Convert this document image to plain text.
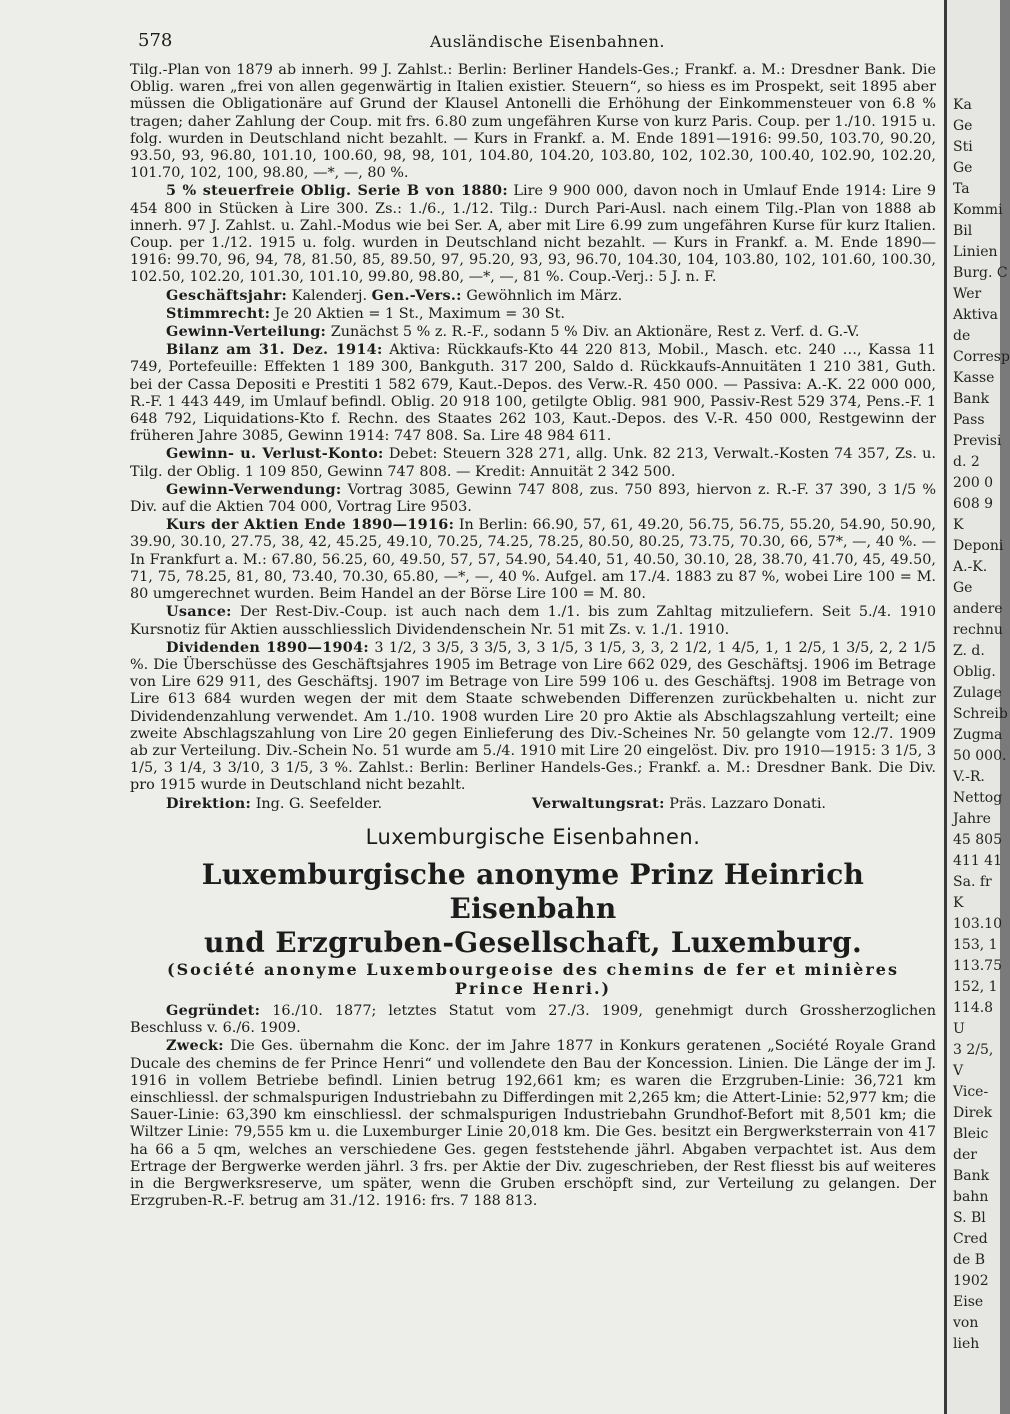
578	Ausländische Eisenbahnen.

Tilg.-Plan von 1879 ab innerh. 99 J. Zahlst.: Berlin: Berliner Handels-Ges.; Frankf. a. M.: Dresdner Bank. Die Oblig. waren „frei von allen gegenwärtig in Italien existier. Steuern“, so hiess es im Prospekt, seit 1895 aber müssen die Obligationäre auf Grund der Klausel Antonelli die Erhöhung der Einkommensteuer von 6.8 % tragen; daher Zahlung der Coup. mit frs. 6.80 zum ungefähren Kurse von kurz Paris. Coup. per 1./10. 1915 u. folg. wurden in Deutschland nicht bezahlt. — Kurs in Frankf. a. M. Ende 1891—1916: 99.50, 103.70, 90.20, 93.50, 93, 96.80, 101.10, 100.60, 98, 98, 101, 104.80, 104.20, 103.80, 102, 102.30, 100.40, 102.90, 102.20, 101.70, 102, 100, 98.80, —*, —, 80 %.

5 % steuerfreie Oblig. Serie B von 1880: Lire 9 900 000, davon noch in Umlauf Ende 1914: Lire 9 454 800 in Stücken à Lire 300. Zs.: 1./6., 1./12. Tilg.: Durch Pari-Ausl. nach einem Tilg.-Plan von 1888 ab innerh. 97 J. Zahlst. u. Zahl.-Modus wie bei Ser. A, aber mit Lire 6.99 zum ungefähren Kurse für kurz Italien. Coup. per 1./12. 1915 u. folg. wurden in Deutschland nicht bezahlt. — Kurs in Frankf. a. M. Ende 1890—1916: 99.70, 96, 94, 78, 81.50, 85, 89.50, 97, 95.20, 93, 93, 96.70, 104.30, 104, 103.80, 102, 101.60, 100.30, 102.50, 102.20, 101.30, 101.10, 99.80, 98.80, —*, —, 81 %. Coup.-Verj.: 5 J. n. F.

Geschäftsjahr: Kalenderj. Gen.-Vers.: Gewöhnlich im März.

Stimmrecht: Je 20 Aktien = 1 St., Maximum = 30 St.

Gewinn-Verteilung: Zunächst 5 % z. R.-F., sodann 5 % Div. an Aktionäre, Rest z. Verf. d. G.-V.

Bilanz am 31. Dez. 1914: Aktiva: Rückkaufs-Kto 44 220 813, Mobil., Masch. etc. 240 …, Kassa 11 749, Portefeuille: Effekten 1 189 300, Bankguth. 317 200, Saldo d. Rückkaufs-Annuitäten 1 210 381, Guth. bei der Cassa Depositi e Prestiti 1 582 679, Kaut.-Depos. des Verw.-R. 450 000. — Passiva: A.-K. 22 000 000, R.-F. 1 443 449, im Umlauf befindl. Oblig. 20 918 100, getilgte Oblig. 981 900, Passiv-Rest 529 374, Pens.-F. 1 648 792, Liquidations-Kto f. Rechn. des Staates 262 103, Kaut.-Depos. des V.-R. 450 000, Restgewinn der früheren Jahre 3085, Gewinn 1914: 747 808. Sa. Lire 48 984 611.

Gewinn- u. Verlust-Konto: Debet: Steuern 328 271, allg. Unk. 82 213, Verwalt.-Kosten 74 357, Zs. u. Tilg. der Oblig. 1 109 850, Gewinn 747 808. — Kredit: Annuität 2 342 500.

Gewinn-Verwendung: Vortrag 3085, Gewinn 747 808, zus. 750 893, hiervon z. R.-F. 37 390, 3 1/5 % Div. auf die Aktien 704 000, Vortrag Lire 9503.

Kurs der Aktien Ende 1890—1916: In Berlin: 66.90, 57, 61, 49.20, 56.75, 56.75, 55.20, 54.90, 50.90, 39.90, 30.10, 27.75, 38, 42, 45.25, 49.10, 70.25, 74.25, 78.25, 80.50, 80.25, 73.75, 70.30, 66, 57*, —, 40 %. — In Frankfurt a. M.: 67.80, 56.25, 60, 49.50, 57, 57, 54.90, 54.40, 51, 40.50, 30.10, 28, 38.70, 41.70, 45, 49.50, 71, 75, 78.25, 81, 80, 73.40, 70.30, 65.80, —*, —, 40 %. Aufgel. am 17./4. 1883 zu 87 %, wobei Lire 100 = M. 80 umgerechnet wurden. Beim Handel an der Börse Lire 100 = M. 80.

Usance: Der Rest-Div.-Coup. ist auch nach dem 1./1. bis zum Zahltag mitzuliefern. Seit 5./4. 1910 Kursnotiz für Aktien ausschliesslich Dividendenschein Nr. 51 mit Zs. v. 1./1. 1910.

Dividenden 1890—1904: 3 1/2, 3 3/5, 3 3/5, 3, 3 1/5, 3 1/5, 3, 3, 2 1/2, 1 4/5, 1, 1 2/5, 1 3/5, 2, 2 1/5 %. Die Überschüsse des Geschäftsjahres 1905 im Betrage von Lire 662 029, des Geschäftsj. 1906 im Betrage von Lire 629 911, des Geschäftsj. 1907 im Betrage von Lire 599 106 u. des Geschäftsj. 1908 im Betrage von Lire 613 684 wurden wegen der mit dem Staate schwebenden Differenzen zurückbehalten u. nicht zur Dividendenzahlung verwendet. Am 1./10. 1908 wurden Lire 20 pro Aktie als Abschlagszahlung verteilt; eine zweite Abschlagszahlung von Lire 20 gegen Einlieferung des Div.-Scheines Nr. 50 gelangte vom 12./7. 1909 ab zur Verteilung. Div.-Schein No. 51 wurde am 5./4. 1910 mit Lire 20 eingelöst. Div. pro 1910—1915: 3 1/5, 3 1/5, 3 1/4, 3 3/10, 3 1/5, 3 %. Zahlst.: Berlin: Berliner Handels-Ges.; Frankf. a. M.: Dresdner Bank. Die Div. pro 1915 wurde in Deutschland nicht bezahlt.

Direktion: Ing. G. Seefelder.	Verwaltungsrat: Präs. Lazzaro Donati.
Luxemburgische Eisenbahnen.
Luxemburgische anonyme Prinz Heinrich Eisenbahn
und Erzgruben-Gesellschaft, Luxemburg.
(Société anonyme Luxembourgeoise des chemins de fer et minières
Prince Henri.)

Gegründet: 16./10. 1877; letztes Statut vom 27./3. 1909, genehmigt durch Grossherzoglichen Beschluss v. 6./6. 1909.

Zweck: Die Ges. übernahm die Konc. der im Jahre 1877 in Konkurs geratenen „Société Royale Grand Ducale des chemins de fer Prince Henri“ und vollendete den Bau der Koncession. Linien. Die Länge der im J. 1916 in vollem Betriebe befindl. Linien betrug 192,661 km; es waren die Erzgruben-Linie: 36,721 km einschliessl. der schmalspurigen Industriebahn zu Differdingen mit 2,265 km; die Attert-Linie: 52,977 km; die Sauer-Linie: 63,390 km einschliessl. der schmalspurigen Industriebahn Grundhof-Befort mit 8,501 km; die Wiltzer Linie: 79,555 km u. die Luxemburger Linie 20,018 km. Die Ges. besitzt ein Bergwerksterrain von 417 ha 66 a 5 qm, welches an verschiedene Ges. gegen feststehende jährl. Abgaben verpachtet ist. Aus dem Ertrage der Bergwerke werden jährl. 3 frs. per Aktie der Div. zugeschrieben, der Rest fliesst bis auf weiteres in die Bergwerksreserve, um später, wenn die Gruben erschöpft sind, zur Verteilung zu gelangen. Der Erzgruben-R.-F. betrug am 31./12. 1916: frs. 7 188 813.

Ka
Ge
Sti
Ge
Ta
Kommi
Bil
Linien
Burg. C
Wer
Aktiva
de
Corresp
Kasse
Bank
Pass
Previsi
d. 2
200 0
608 9
K
Deponi
A.-K.
Ge
andere
rechnu
Z. d.
Oblig.
Zulage
Schreib
Zugma
50 000.
V.-R.
Nettog
Jahre
45 805
411 41
Sa. fr
K
103.10
153, 1
113.75
152, 1
114.8
U
3 2/5,
V
Vice-
Direk
Bleic
der
Bank
bahn
S. Bl
Cred
de B
1902
Eise
von
lieh
